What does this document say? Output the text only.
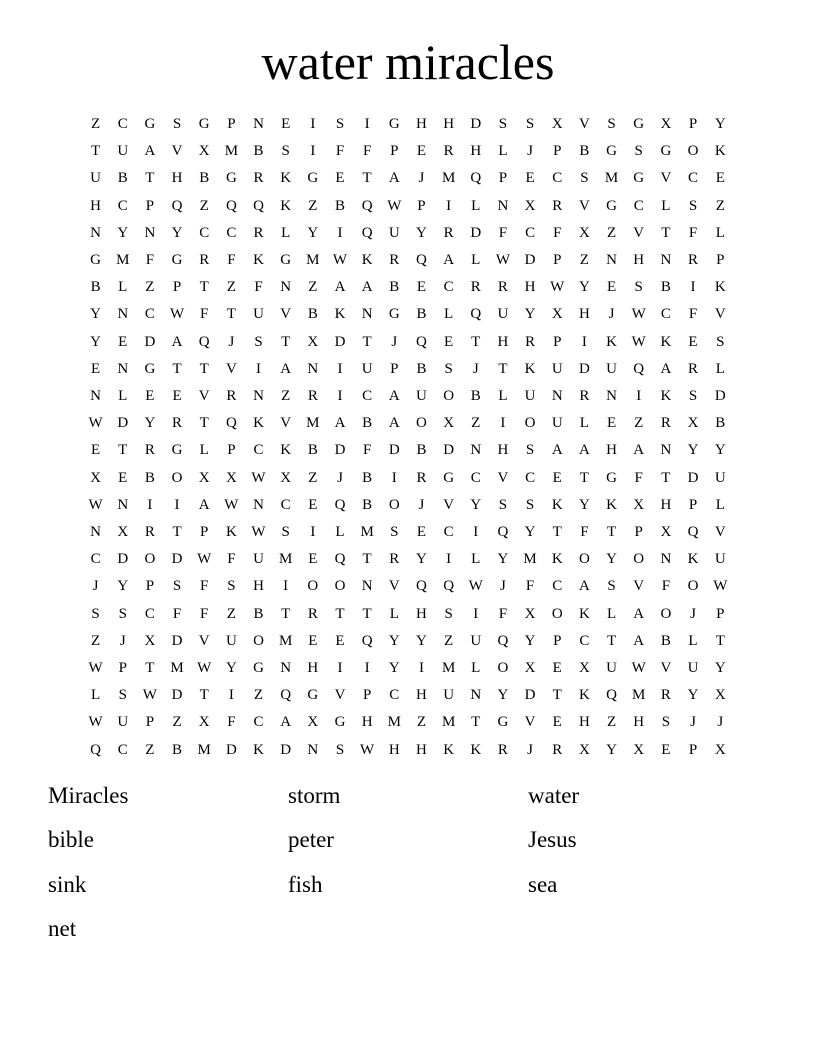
water miracles
Z	C	G	S	G	P	N	E	I	S	I	G	H	H	D	S	S	X	V	S	G	X	P	Y
T	U	A	V	X	M	B	S	I	F	F	P	E	R	H	L	J	P	B	G	S	G	O	K
U	B	T	H	B	G	R	K	G	E	T	A	J	M	Q	P	E	C	S	M	G	V	C	E
H	C	P	Q	Z	Q	Q	K	Z	B	Q	W	P	I	L	N	X	R	V	G	C	L	S	Z
N	Y	N	Y	C	C	R	L	Y	I	Q	U	Y	R	D	F	C	F	X	Z	V	T	F	L
G	M	F	G	R	F	K	G	M	W	K	R	Q	A	L	W	D	P	Z	N	H	N	R	P
B	L	Z	P	T	Z	F	N	Z	A	A	B	E	C	R	R	H	W	Y	E	S	B	I	K
Y	N	C	W	F	T	U	V	B	K	N	G	B	L	Q	U	Y	X	H	J	W	C	F	V
Y	E	D	A	Q	J	S	T	X	D	T	J	Q	E	T	H	R	P	I	K	W	K	E	S
E	N	G	T	T	V	I	A	N	I	U	P	B	S	J	T	K	U	D	U	Q	A	R	L
N	L	E	E	V	R	N	Z	R	I	C	A	U	O	B	L	U	N	R	N	I	K	S	D
W	D	Y	R	T	Q	K	V	M	A	B	A	O	X	Z	I	O	U	L	E	Z	R	X	B
E	T	R	G	L	P	C	K	B	D	F	D	B	D	N	H	S	A	A	H	A	N	Y	Y
X	E	B	O	X	X	W	X	Z	J	B	I	R	G	C	V	C	E	T	G	F	T	D	U
W	N	I	I	A	W	N	C	E	Q	B	O	J	V	Y	S	S	K	Y	K	X	H	P	L
N	X	R	T	P	K	W	S	I	L	M	S	E	C	I	Q	Y	T	F	T	P	X	Q	V
C	D	O	D	W	F	U	M	E	Q	T	R	Y	I	L	Y	M	K	O	Y	O	N	K	U
J	Y	P	S	F	S	H	I	O	O	N	V	Q	Q	W	J	F	C	A	S	V	F	O	W
S	S	C	F	F	Z	B	T	R	T	T	L	H	S	I	F	X	O	K	L	A	O	J	P
Z	J	X	D	V	U	O	M	E	E	Q	Y	Y	Z	U	Q	Y	P	C	T	A	B	L	T
W	P	T	M	W	Y	G	N	H	I	I	Y	I	M	L	O	X	E	X	U	W	V	U	Y
L	S	W	D	T	I	Z	Q	G	V	P	C	H	U	N	Y	D	T	K	Q	M	R	Y	X
W	U	P	Z	X	F	C	A	X	G	H	M	Z	M	T	G	V	E	H	Z	H	S	J	J
Q	C	Z	B	M	D	K	D	N	S	W	H	H	K	K	R	J	R	X	Y	X	E	P	X
Miracles	storm	water
bible	peter	Jesus
sink	fish	sea
net
